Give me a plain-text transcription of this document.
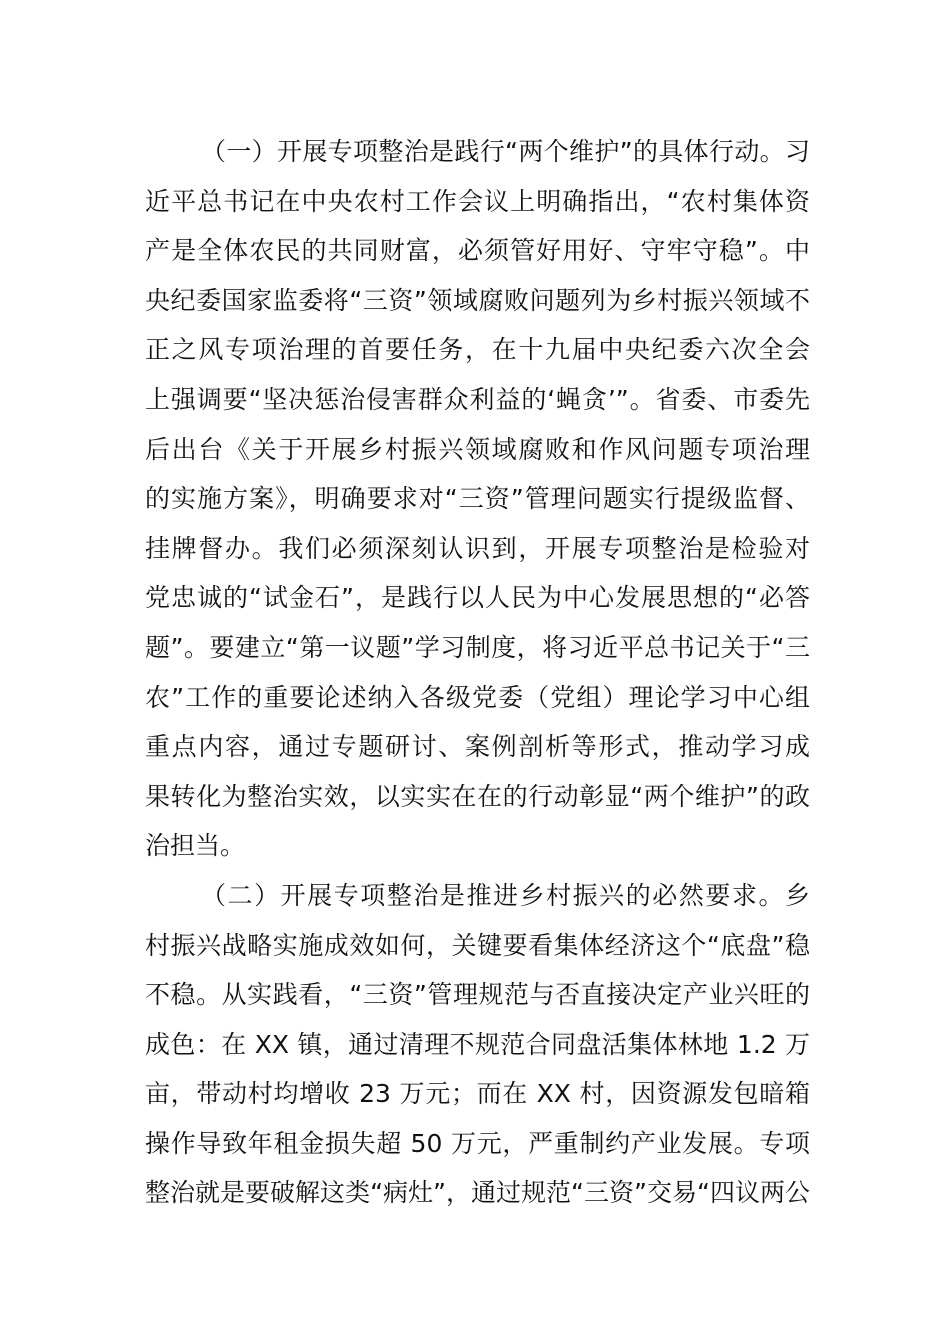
（一）开展专项整治是践行“两个维护”的具体行动。习
近平总书记在中央农村工作会议上明确指出，“农村集体资
产是全体农民的共同财富，必须管好用好、守牢守稳”。中
央纪委国家监委将“三资”领域腐败问题列为乡村振兴领域不
正之风专项治理的首要任务，在十九届中央纪委六次全会
上强调要“坚决惩治侵害群众利益的‘蝇贪’”。省委、市委先
后出台《关于开展乡村振兴领域腐败和作风问题专项治理
的实施方案》，明确要求对“三资”管理问题实行提级监督、
挂牌督办。我们必须深刻认识到，开展专项整治是检验对
党忠诚的“试金石”，是践行以人民为中心发展思想的“必答
题”。要建立“第一议题”学习制度，将习近平总书记关于“三
农”工作的重要论述纳入各级党委（党组）理论学习中心组
重点内容，通过专题研讨、案例剖析等形式，推动学习成
果转化为整治实效，以实实在在的行动彰显“两个维护”的政
治担当。
（二）开展专项整治是推进乡村振兴的必然要求。乡
村振兴战略实施成效如何，关键要看集体经济这个“底盘”稳
不稳。从实践看，“三资”管理规范与否直接决定产业兴旺的
成色：在 XX 镇，通过清理不规范合同盘活集体林地 1.2 万
亩，带动村均增收 23 万元；而在 XX 村，因资源发包暗箱
操作导致年租金损失超 50 万元，严重制约产业发展。专项
整治就是要破解这类“病灶”，通过规范“三资”交易“四议两公
